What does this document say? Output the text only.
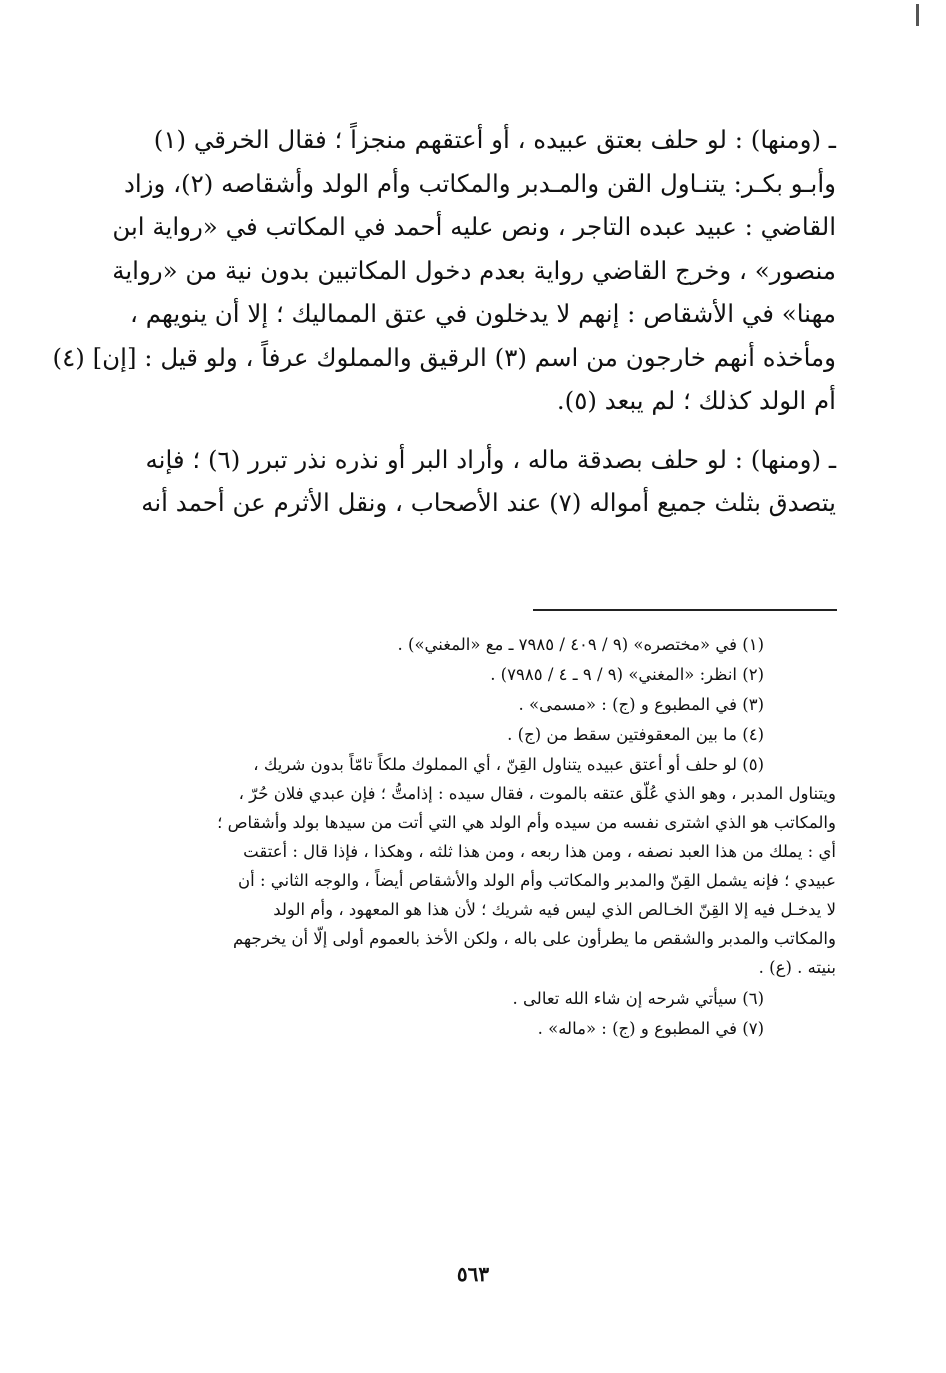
ـ (ومنها) : لو حلف بعتق عبيده ، أو أعتقهم منجزاً ؛ فقال الخرقي (١)
وأبـو بكـر: يتنـاول القن والمـدبر والمكاتب وأم الولد وأشقاصه (٢)، وزاد
القاضي : عبيد عبده التاجر ، ونص عليه أحمد في المكاتب في «رواية ابن
منصور» ، وخرج القاضي رواية بعدم دخول المكاتبين بدون نية من «رواية
مهنا» في الأشقاص : إنهم لا يدخلون في عتق المماليك ؛ إلا أن ينويهم ،
ومأخذه أنهم خارجون من اسم (٣) الرقيق والمملوك عرفاً ، ولو قيل : [إن] (٤)
أم الولد كذلك ؛ لم يبعد (٥).
ـ (ومنها) : لو حلف بصدقة ماله ، وأراد البر أو نذره نذر تبرر (٦) ؛ فإنه
يتصدق بثلث جميع أمواله (٧) عند الأصحاب ، ونقل الأثرم عن أحمد أنه
(١) في «مختصره» (٩ / ٤٠٩ / ٧٩٨٥ ـ مع «المغني») .
(٢) انظر: «المغني» (٩ / ٩ ـ ٤ / ٧٩٨٥) .
(٣) في المطبوع و (ج) : «مسمى» .
(٤) ما بين المعقوفتين سقط من (ج) .
(٥) لو حلف أو أعتق عبيده يتناول القِنّ ، أي المملوك ملكاً تامّاً بدون شريك ،
ويتناول المدبر ، وهو الذي عُلّق عتقه بالموت ، فقال سيده : إذامتُّ ؛ فإن عبدي فلان حُرّ ،
والمكاتب هو الذي اشترى نفسه من سيده وأم الولد هي التي أتت من سيدها بولد وأشقاص ؛
أي : يملك من هذا العبد نصفه ، ومن هذا ربعه ، ومن هذا ثلثه ، وهكذا ، فإذا قال : أعتقت
عبيدي ؛ فإنه يشمل القِنّ والمدبر والمكاتب وأم الولد والأشقاص أيضاً ، والوجه الثاني : أن
لا يدخـل فيه إلا القِنّ الخـالص الذي ليس فيه شريك ؛ لأن هذا هو المعهود ، وأم الولد
والمكاتب والمدبر والشقص ما يطرأون على باله ، ولكن الأخذ بالعموم أولى إلّا أن يخرجهم
بنيته . (ع) .
(٦) سيأتي شرحه إن شاء الله تعالى .
(٧) في المطبوع و (ج) : «ماله» .
٥٦٣
